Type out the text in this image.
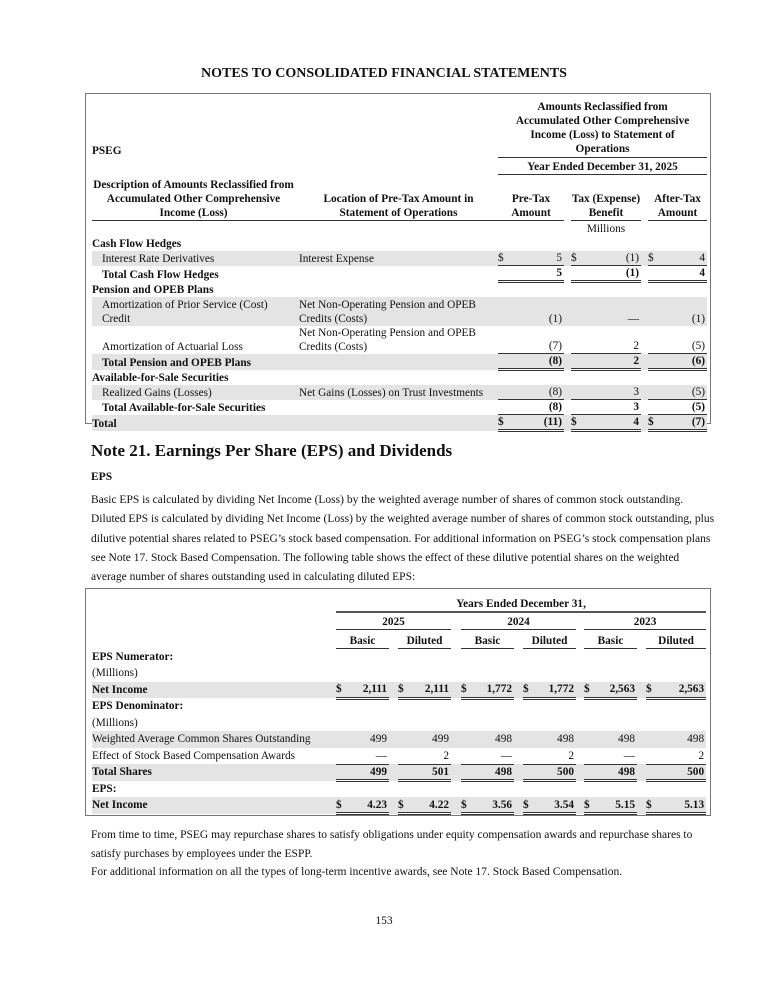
NOTES TO CONSOLIDATED FINANCIAL STATEMENTS
PSEG		Amounts Reclassified from Accumulated Other Comprehensive Income (Loss) to Statement of Operations				
		Year Ended December 31, 2025				
Description of Amounts Reclassified from Accumulated Other Comprehensive Income (Loss)	Location of Pre-Tax Amount in Statement of Operations	Pre-Tax Amount		Tax (Expense) Benefit		After-Tax Amount
				Millions		
Cash Flow Hedges						
Interest Rate Derivatives	Interest Expense	$ 5		$ (1)		$ 4
Total Cash Flow Hedges		5		(1)		4
Pension and OPEB Plans						
Amortization of Prior Service (Cost) Credit	Net Non-Operating Pension and OPEB Credits (Costs)	(1)		—		(1)
Amortization of Actuarial Loss	Net Non-Operating Pension and OPEB Credits (Costs)	(7)		2		(5)
Total Pension and OPEB Plans		(8)		2		(6)
Available-for-Sale Securities						
Realized Gains (Losses)	Net Gains (Losses) on Trust Investments	(8)		3		(5)
Total Available-for-Sale Securities		(8)		3		(5)
Total		$ (11)		$ 4		$ (7)
Note 21. Earnings Per Share (EPS) and Dividends
EPS
Basic EPS is calculated by dividing Net Income (Loss) by the weighted average number of shares of common stock outstanding. Diluted EPS is calculated by dividing Net Income (Loss) by the weighted average number of shares of common stock outstanding, plus dilutive potential shares related to PSEG’s stock based compensation. For additional information on PSEG’s stock compensation plans see Note 17. Stock Based Compensation. The following table shows the effect of these dilutive potential shares on the weighted average number of shares outstanding used in calculating diluted EPS:
	Years Ended December 31,										
	2025				2024				2023		
	Basic		Diluted		Basic		Diluted		Basic		Diluted
EPS Numerator:											
(Millions)											
Net Income	$ 2,111		$ 2,111		$ 1,772		$ 1,772		$ 2,563		$ 2,563
EPS Denominator:											
(Millions)											
Weighted Average Common Shares Outstanding	499		499		498		498		498		498
Effect of Stock Based Compensation Awards	—		2		—		2		—		2
Total Shares	499		501		498		500		498		500
EPS:											
Net Income	$ 4.23		$ 4.22		$ 3.56		$ 3.54		$ 5.15		$ 5.13
From time to time, PSEG may repurchase shares to satisfy obligations under equity compensation awards and repurchase shares to satisfy purchases by employees under the ESPP.
For additional information on all the types of long-term incentive awards, see Note 17. Stock Based Compensation.
153
